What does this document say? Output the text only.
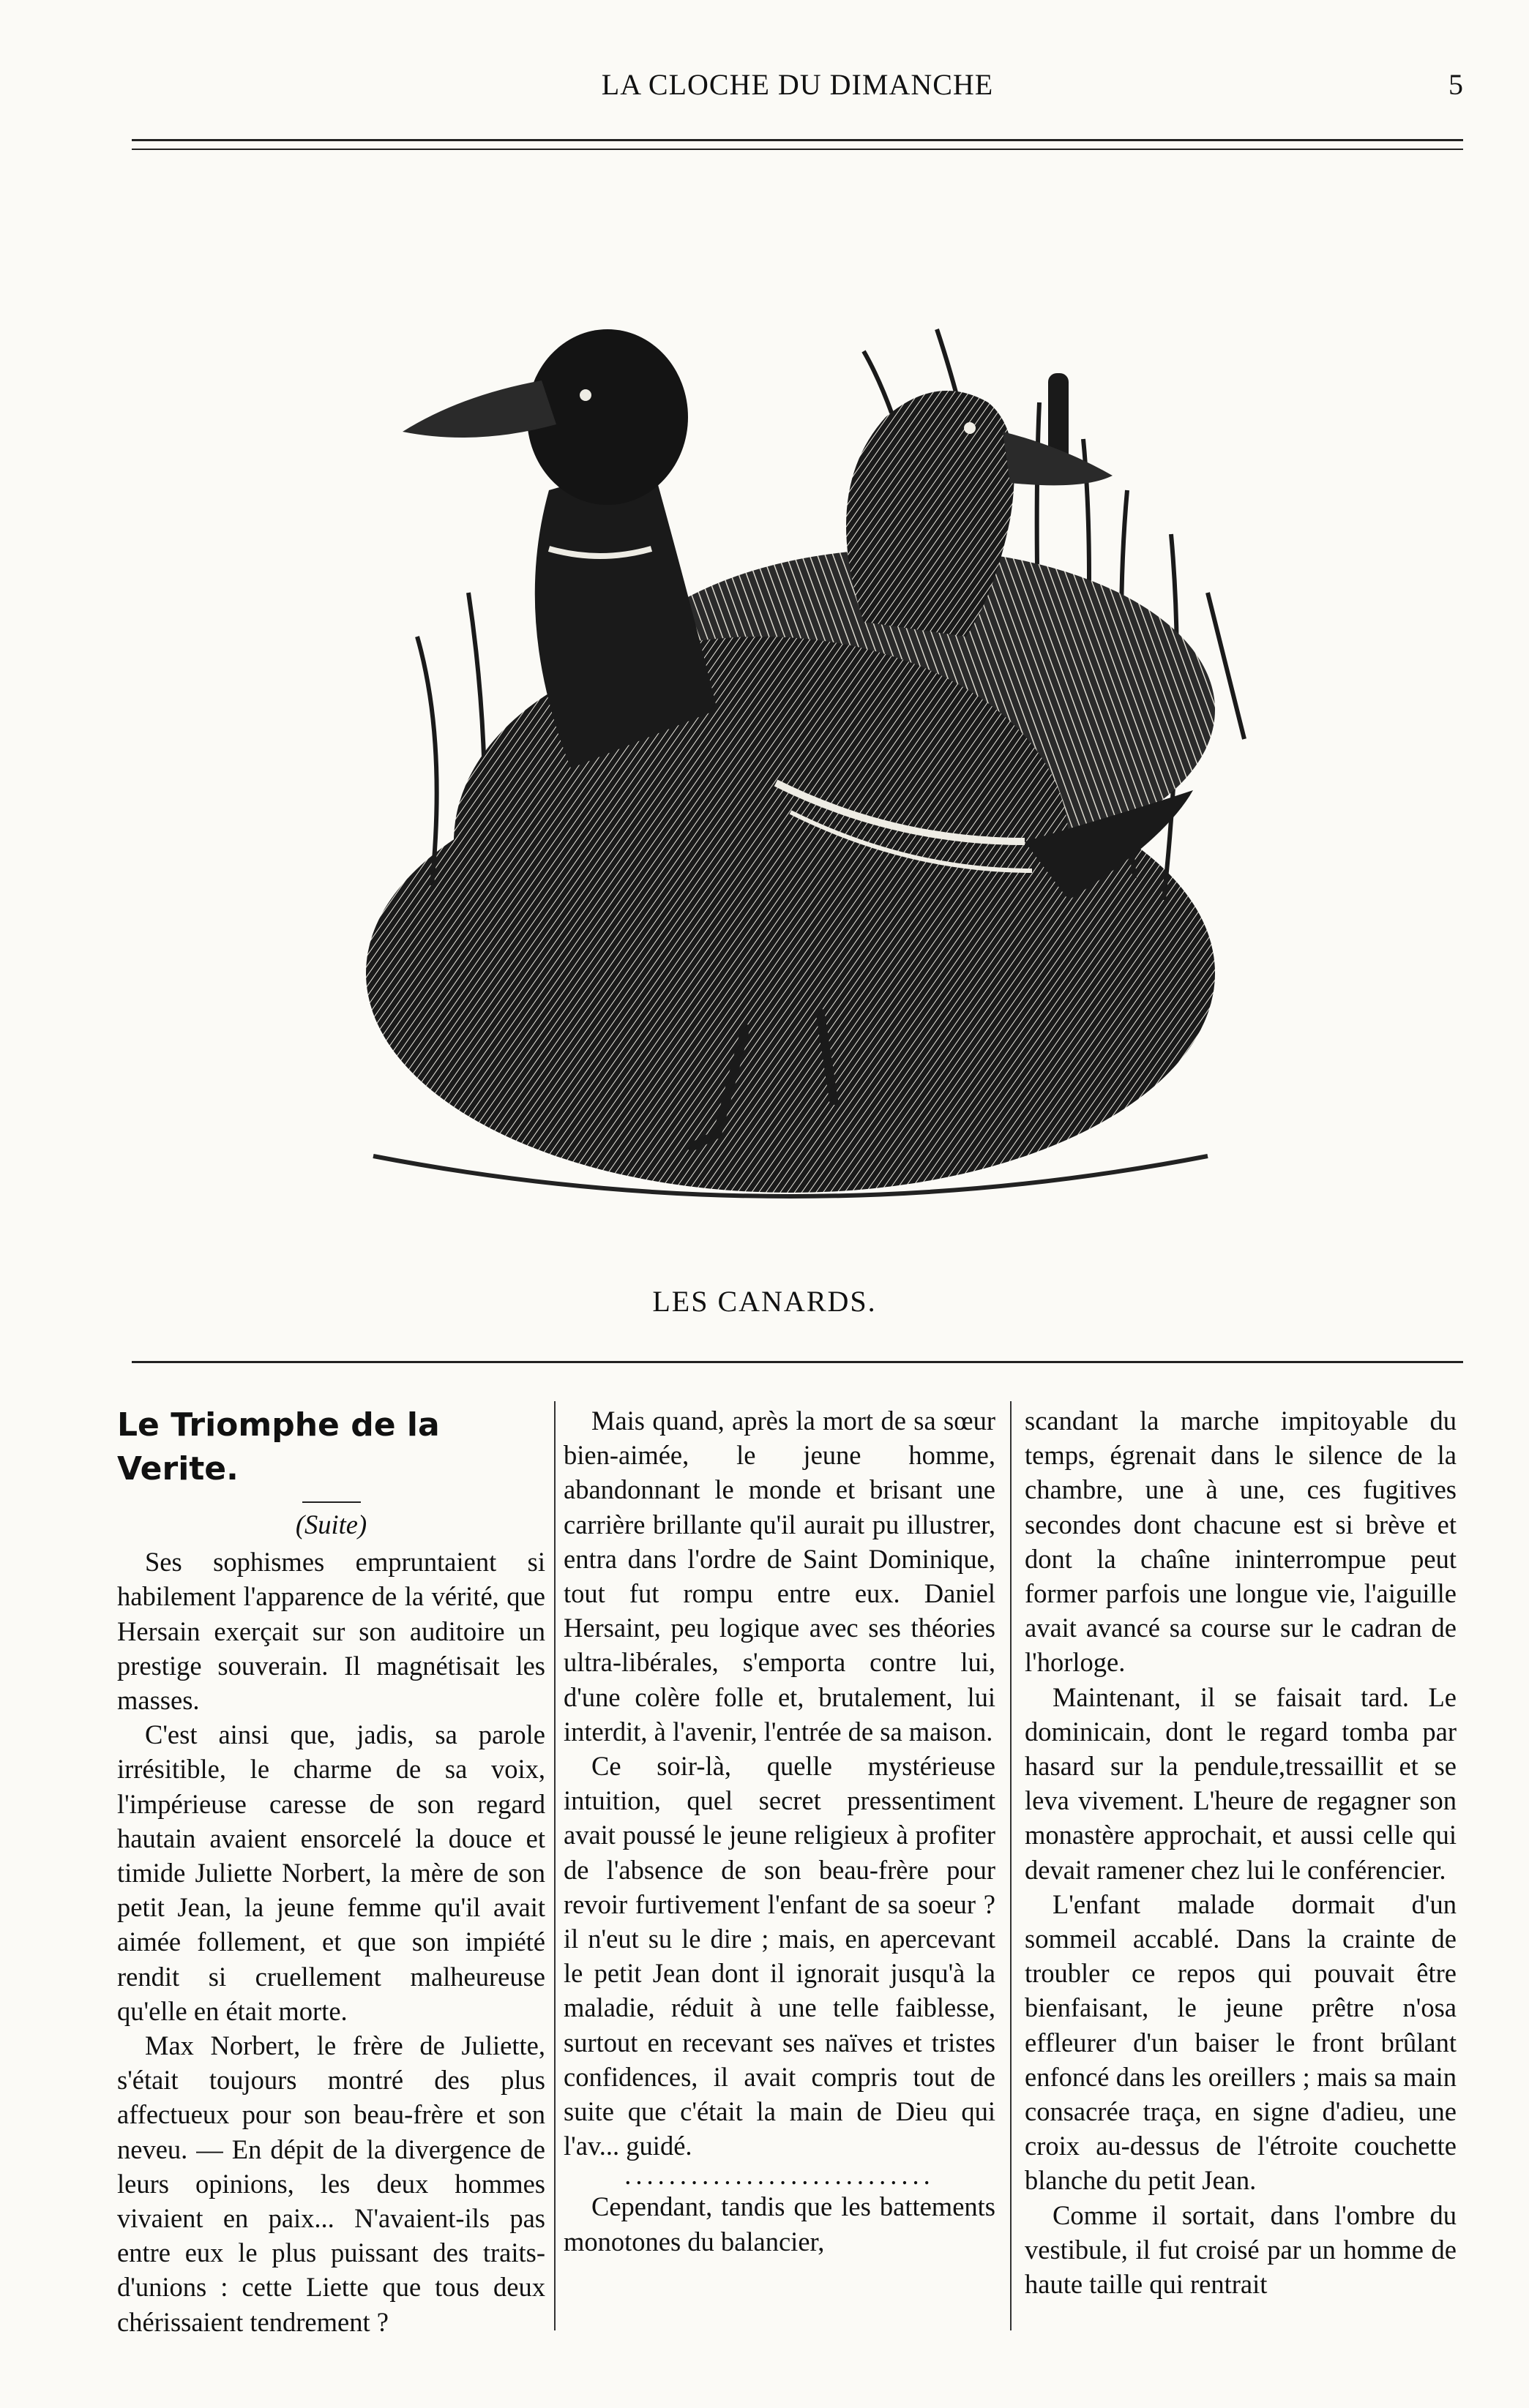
LA CLOCHE DU DIMANCHE	5
LES CANARDS.
Le Triomphe de la Verite.

(Suite)

Ses sophismes empruntaient si habilement l'apparence de la vérité, que Hersain exerçait sur son auditoire un prestige souverain. Il magnétisait les masses.

C'est ainsi que, jadis, sa parole irrésitible, le charme de sa voix, l'impérieuse caresse de son regard hautain avaient ensorcelé la douce et timide Juliette Norbert, la mère de son petit Jean, la jeune femme qu'il avait aimée follement, et que son impiété rendit si cruellement malheureuse qu'elle en était morte.

Max Norbert, le frère de Juliette, s'était toujours montré des plus affectueux pour son beau-frère et son neveu. — En dépit de la divergence de leurs opinions, les deux hommes vivaient en paix... N'avaient-ils pas entre eux le plus puissant des traits-d'unions : cette Liette que tous deux chérissaient tendrement ?

Mais quand, après la mort de sa sœur bien-aimée, le jeune homme, abandonnant le monde et brisant une carrière brillante qu'il aurait pu illustrer, entra dans l'ordre de Saint Dominique, tout fut rompu entre eux. Daniel Hersaint, peu logique avec ses théories ultra-libérales, s'emporta contre lui, d'une colère folle et, brutalement, lui interdit, à l'avenir, l'entrée de sa maison.

Ce soir-là, quelle mystérieuse intuition, quel secret pressentiment avait poussé le jeune religieux à profiter de l'absence de son beau-frère pour revoir furtivement l'enfant de sa soeur ? il n'eut su le dire ; mais, en apercevant le petit Jean dont il ignorait jusqu'à la maladie, réduit à une telle faiblesse, surtout en recevant ses naïves et tristes confidences, il avait compris tout de suite que c'était la main de Dieu qui l'av... guidé.

............................

Cependant, tandis que les battements monotones du balancier,

scandant la marche impitoyable du temps, égrenait dans le silence de la chambre, une à une, ces fugitives secondes dont chacune est si brève et dont la chaîne ininterrompue peut former parfois une longue vie, l'aiguille avait avancé sa course sur le cadran de l'horloge.

Maintenant, il se faisait tard. Le dominicain, dont le regard tomba par hasard sur la pendule,tressaillit et se leva vivement. L'heure de regagner son monastère approchait, et aussi celle qui devait ramener chez lui le conférencier.

L'enfant malade dormait d'un sommeil accablé. Dans la crainte de troubler ce repos qui pouvait être bienfaisant, le jeune prêtre n'osa effleurer d'un baiser le front brûlant enfoncé dans les oreillers ; mais sa main consacrée traça, en signe d'adieu, une croix au-dessus de l'étroite couchette blanche du petit Jean.

Comme il sortait, dans l'ombre du vestibule, il fut croisé par un homme de haute taille qui rentrait
